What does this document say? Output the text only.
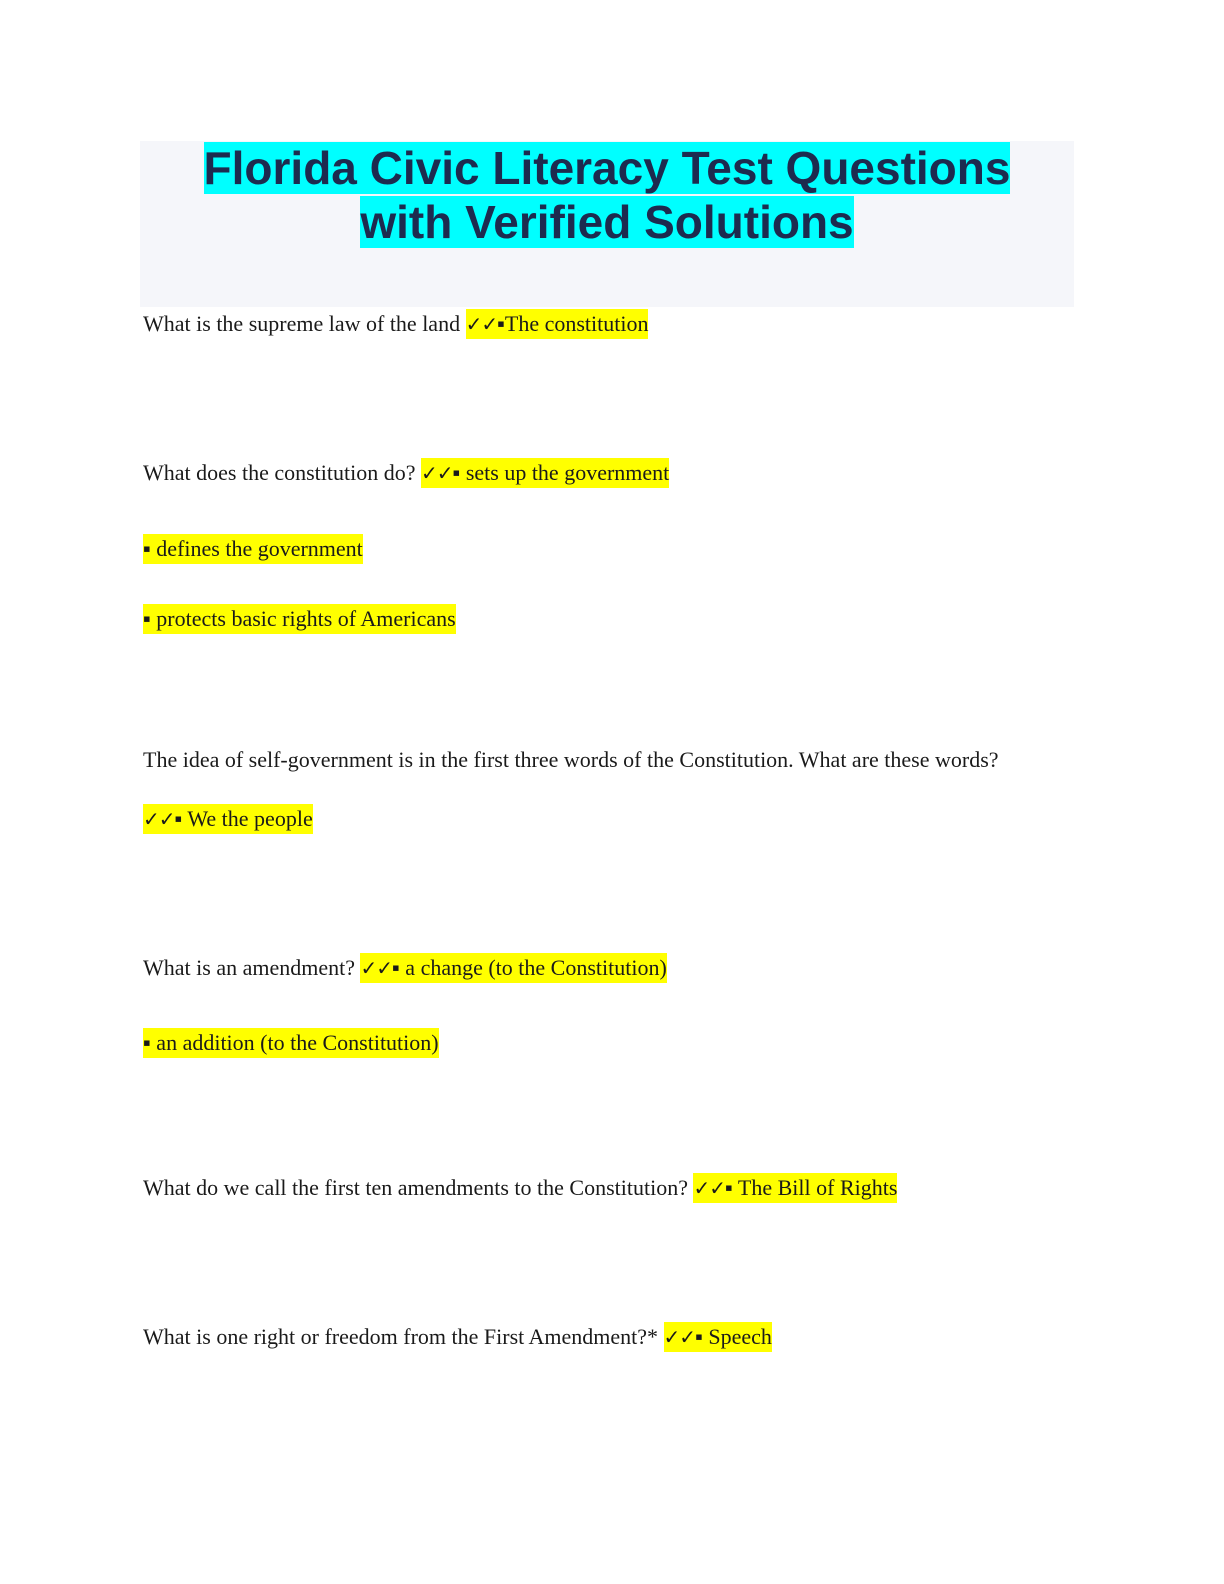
Florida Civic Literacy Test Questions
with Verified Solutions

What is the supreme law of the land ✓✓▪The constitution

What does the constitution do? ✓✓▪ sets up the government

▪ defines the government

▪ protects basic rights of Americans

The idea of self-government is in the first three words of the Constitution. What are these words?

✓✓▪ We the people

What is an amendment? ✓✓▪ a change (to the Constitution)

▪ an addition (to the Constitution)

What do we call the first ten amendments to the Constitution? ✓✓▪ The Bill of Rights

What is one right or freedom from the First Amendment?* ✓✓▪ Speech
